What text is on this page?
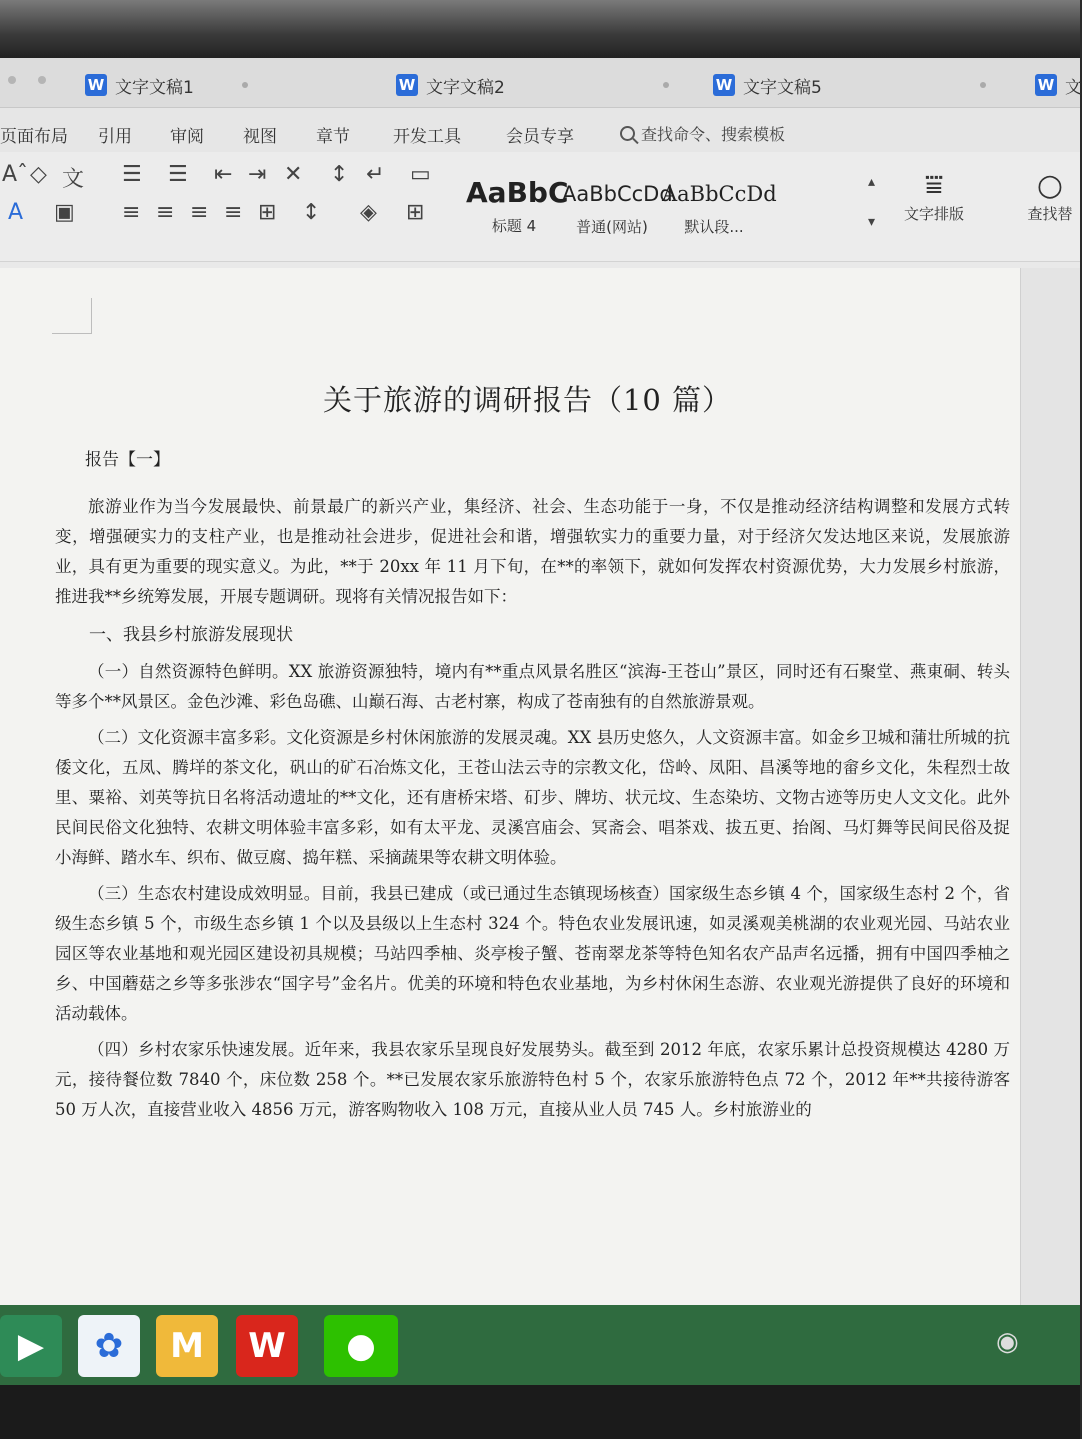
W 文字文稿1	W 文字文稿2	W 文字文稿5	W 文
页面布局 引用 审阅 视图 章节	开发工具	会员专享	查找命令、搜索模板
Aˆ ◇ 文
A ▣
☰ ☰ ⇤ ⇥ ✕ ↕ ↵ ▭
≡ ≡ ≡ ≡ ⊞ ↕ ◈ ⊞
AaBbC
标题 4
AaBbCcDd
普通(网站)
AaBbCcDd
默认段...
▴
▾
⩸
文字排版
○
查找替
关于旅游的调研报告（10 篇）
报告【一】

旅游业作为当今发展最快、前景最广的新兴产业，集经济、社会、生态功能于一身，不仅是推动经济结构调整和发展方式转变，增强硬实力的支柱产业，也是推动社会进步，促进社会和谐，增强软实力的重要力量，对于经济欠发达地区来说，发展旅游业，具有更为重要的现实意义。为此，**于 20xx 年 11 月下旬，在**的率领下，就如何发挥农村资源优势，大力发展乡村旅游，推进我**乡统筹发展，开展专题调研。现将有关情况报告如下：

一、我县乡村旅游发展现状

（一）自然资源特色鲜明。XX 旅游资源独特，境内有**重点风景名胜区“滨海-王苍山”景区，同时还有石聚堂、燕東硐、转头等多个**风景区。金色沙滩、彩色岛礁、山巅石海、古老村寨，构成了苍南独有的自然旅游景观。

（二）文化资源丰富多彩。文化资源是乡村休闲旅游的发展灵魂。XX 县历史悠久，人文资源丰富。如金乡卫城和蒲壮所城的抗倭文化，五凤、腾垟的茶文化，矾山的矿石冶炼文化，王苍山法云寺的宗教文化，岱岭、凤阳、昌溪等地的畲乡文化，朱程烈士故里、粟裕、刘英等抗日名将活动遗址的**文化，还有唐桥宋塔、矴步、牌坊、状元坟、生态染坊、文物古迹等历史人文文化。此外民间民俗文化独特、农耕文明体验丰富多彩，如有太平龙、灵溪宫庙会、冥斋会、唱茶戏、拔五更、抬阁、马灯舞等民间民俗及捉小海鲜、踏水车、织布、做豆腐、捣年糕、采摘蔬果等农耕文明体验。

（三）生态农村建设成效明显。目前，我县已建成（或已通过生态镇现场核查）国家级生态乡镇 4 个，国家级生态村 2 个，省级生态乡镇 5 个，市级生态乡镇 1 个以及县级以上生态村 324 个。特色农业发展讯速，如灵溪观美桃湖的农业观光园、马站农业园区等农业基地和观光园区建设初具规模；马站四季柚、炎亭梭子蟹、苍南翠龙茶等特色知名农产品声名远播，拥有中国四季柚之乡、中国蘑菇之乡等多张涉农“国字号”金名片。优美的环境和特色农业基地，为乡村休闲生态游、农业观光游提供了良好的环境和活动载体。

（四）乡村农家乐快速发展。近年来，我县农家乐呈现良好发展势头。截至到 2012 年底，农家乐累计总投资规模达 4280 万元，接待餐位数 7840 个，床位数 258 个。**已发展农家乐旅游特色村 5 个，农家乐旅游特色点 72 个，2012 年**共接待游客 50 万人次，直接营业收入 4856 万元，游客购物收入 108 万元，直接从业人员 745 人。乡村旅游业的

▶	✿	M	W	●	◉
